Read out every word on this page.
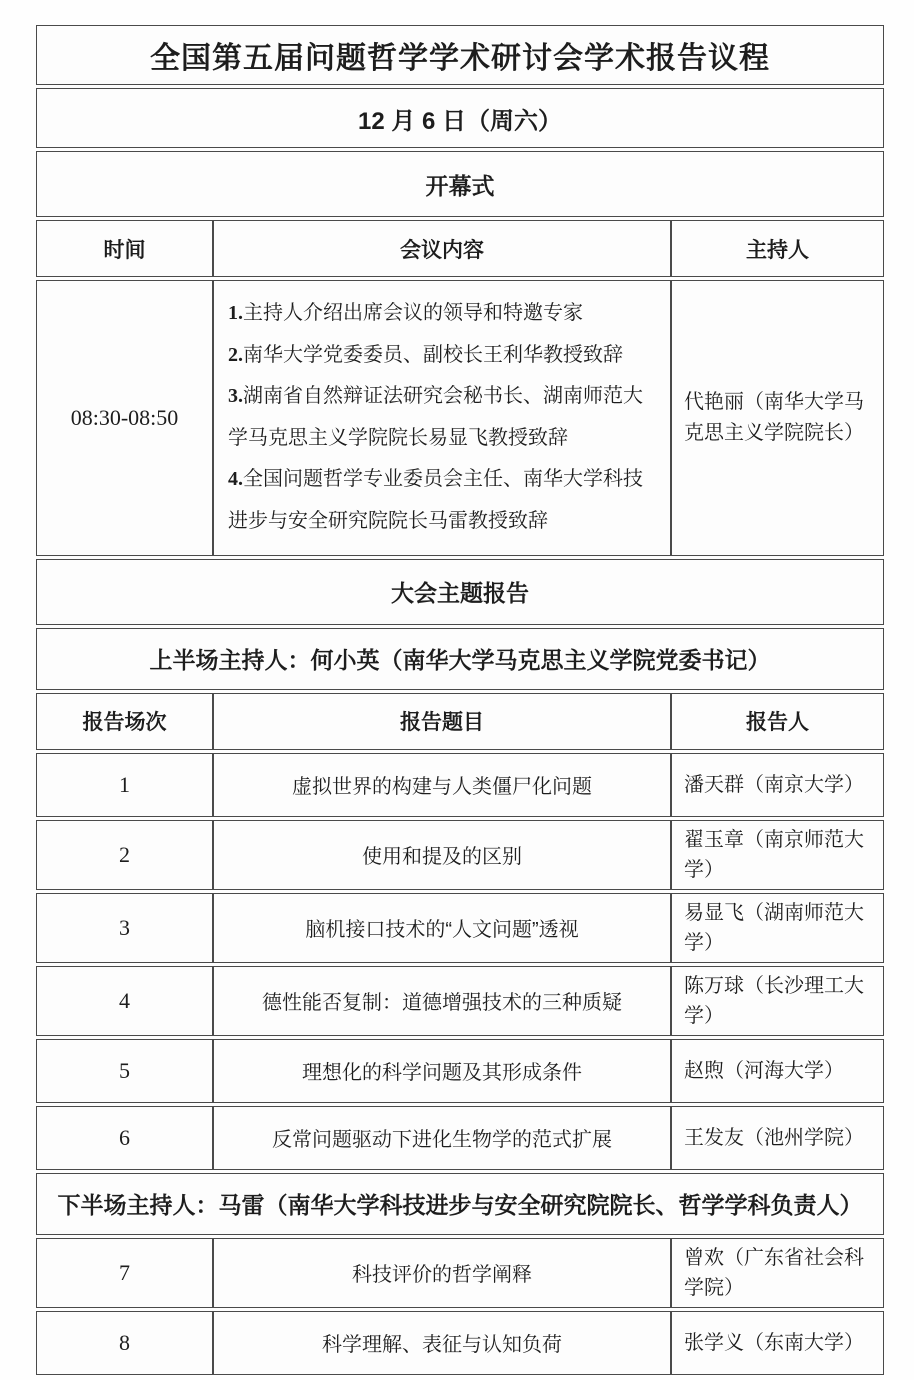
全国第五届问题哲学学术研讨会学术报告议程		
12 月 6 日（周六）		
开幕式		
时间	会议内容	主持人
08:30-08:50	1.主持人介绍出席会议的领导和特邀专家
2.南华大学党委委员、副校长王利华教授致辞
3.湖南省自然辩证法研究会秘书长、湖南师范大学马克思主义学院院长易显飞教授致辞
4.全国问题哲学专业委员会主任、南华大学科技进步与安全研究院院长马雷教授致辞	代艳丽（南华大学马克思主义学院院长）
大会主题报告		
上半场主持人：何小英（南华大学马克思主义学院党委书记）		
报告场次	报告题目	报告人
1	虚拟世界的构建与人类僵尸化问题	潘天群（南京大学）
2	使用和提及的区别	翟玉章（南京师范大学）
3	脑机接口技术的“人文问题”透视	易显飞（湖南师范大学）
4	德性能否复制：道德增强技术的三种质疑	陈万球（长沙理工大学）
5	理想化的科学问题及其形成条件	赵煦（河海大学）
6	反常问题驱动下进化生物学的范式扩展	王发友（池州学院）
下半场主持人：马雷（南华大学科技进步与安全研究院院长、哲学学科负责人）		
7	科技评价的哲学阐释	曾欢（广东省社会科学院）
8	科学理解、表征与认知负荷	张学义（东南大学）
